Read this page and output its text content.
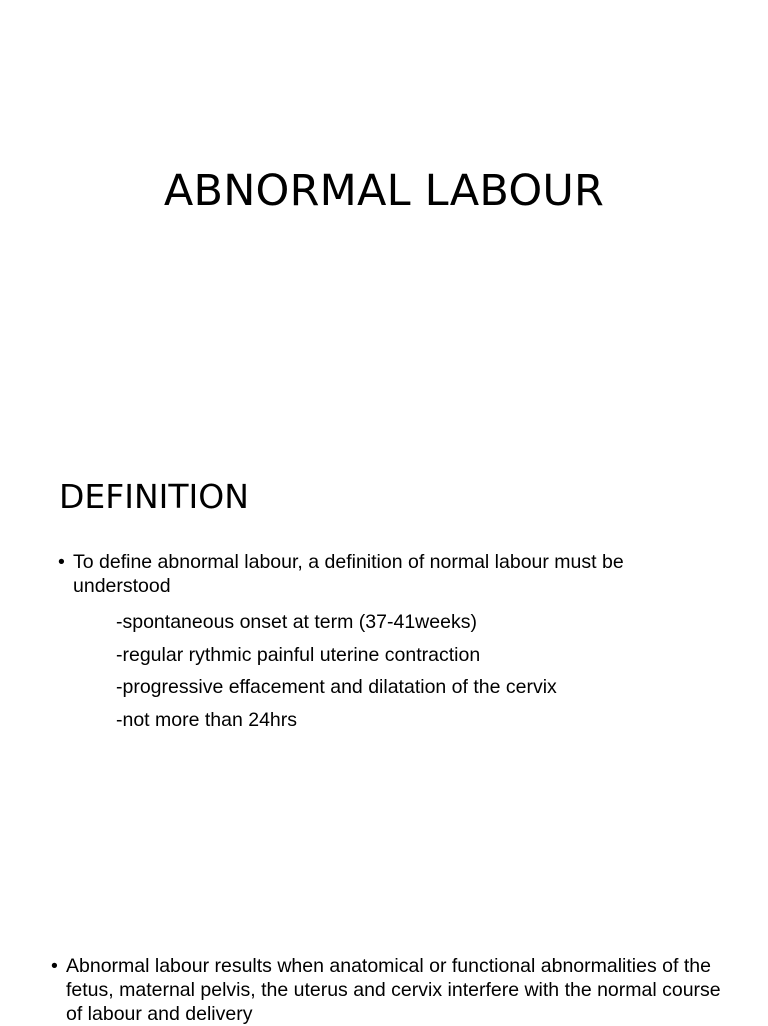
ABNORMAL LABOUR
DEFINITION
• To define abnormal labour, a definition of normal labour must be understood
-spontaneous onset at term (37-41weeks)
-regular rythmic painful uterine contraction
-progressive effacement and dilatation of the cervix
-not more than 24hrs
• Abnormal labour results when anatomical or functional abnormalities of the fetus, maternal pelvis, the uterus and cervix interfere with the normal course of labour and delivery
